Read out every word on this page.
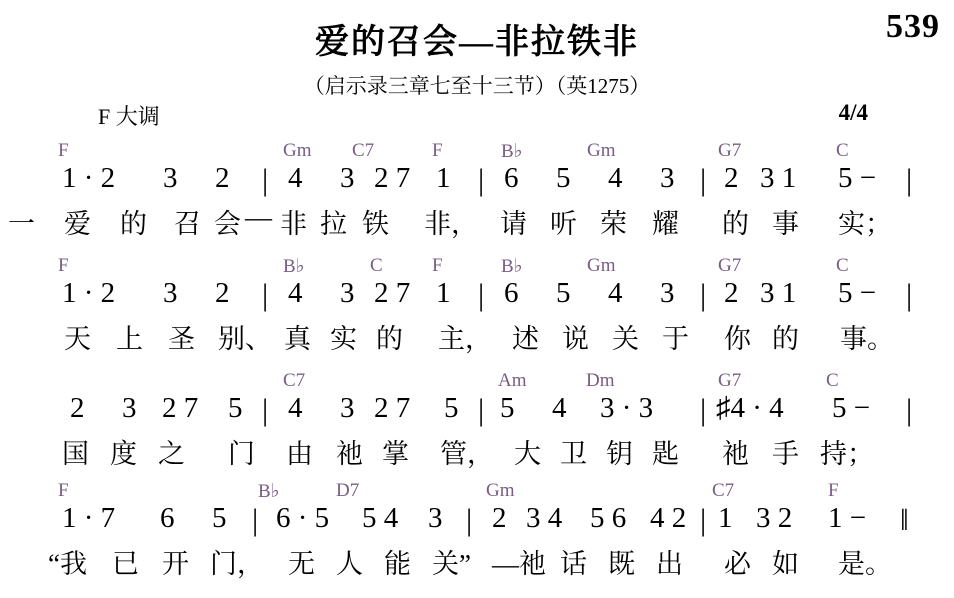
539
爱的召会—非拉铁非
（启示录三章七至十三节）（英1275）
F 大调	4/4
F	Gm C7	F	B♭	Gm	G7	C
1 · 2 3 2 | 4 3 2 7 1 | 6 5 4 3 | 2 3 1 5 − |
一 爱 的 召 会 — 非 拉 铁 非， 请 听 荣 耀 的 事 实；
F	B♭	C	F	B♭	Gm	G7	C
1 · 2 3 2 | 4 3 2 7 1 | 6 5 4 3 | 2 3 1 5 − |
天 上 圣 别、 真 实 的 主， 述 说 关 于 你 的 事。
C7	Am	Dm	G7	C
2 3 2 7 5 | 4 3 2 7 5 | 5 4 3 · 3 | ♯4 · 4 5 − |
国 度 之 门 由 祂 掌 管， 大 卫 钥 匙 祂 手 持；
F	B♭	D7	Gm	C7	F
1 · 7 6 5 | 6 · 5 5 4 3 | 2 3 4 5 6 4 2 | 1 3 2 1 − ‖
“我 已 开 门， 无 人 能 关” —祂 话 既 出 必 如 是。
